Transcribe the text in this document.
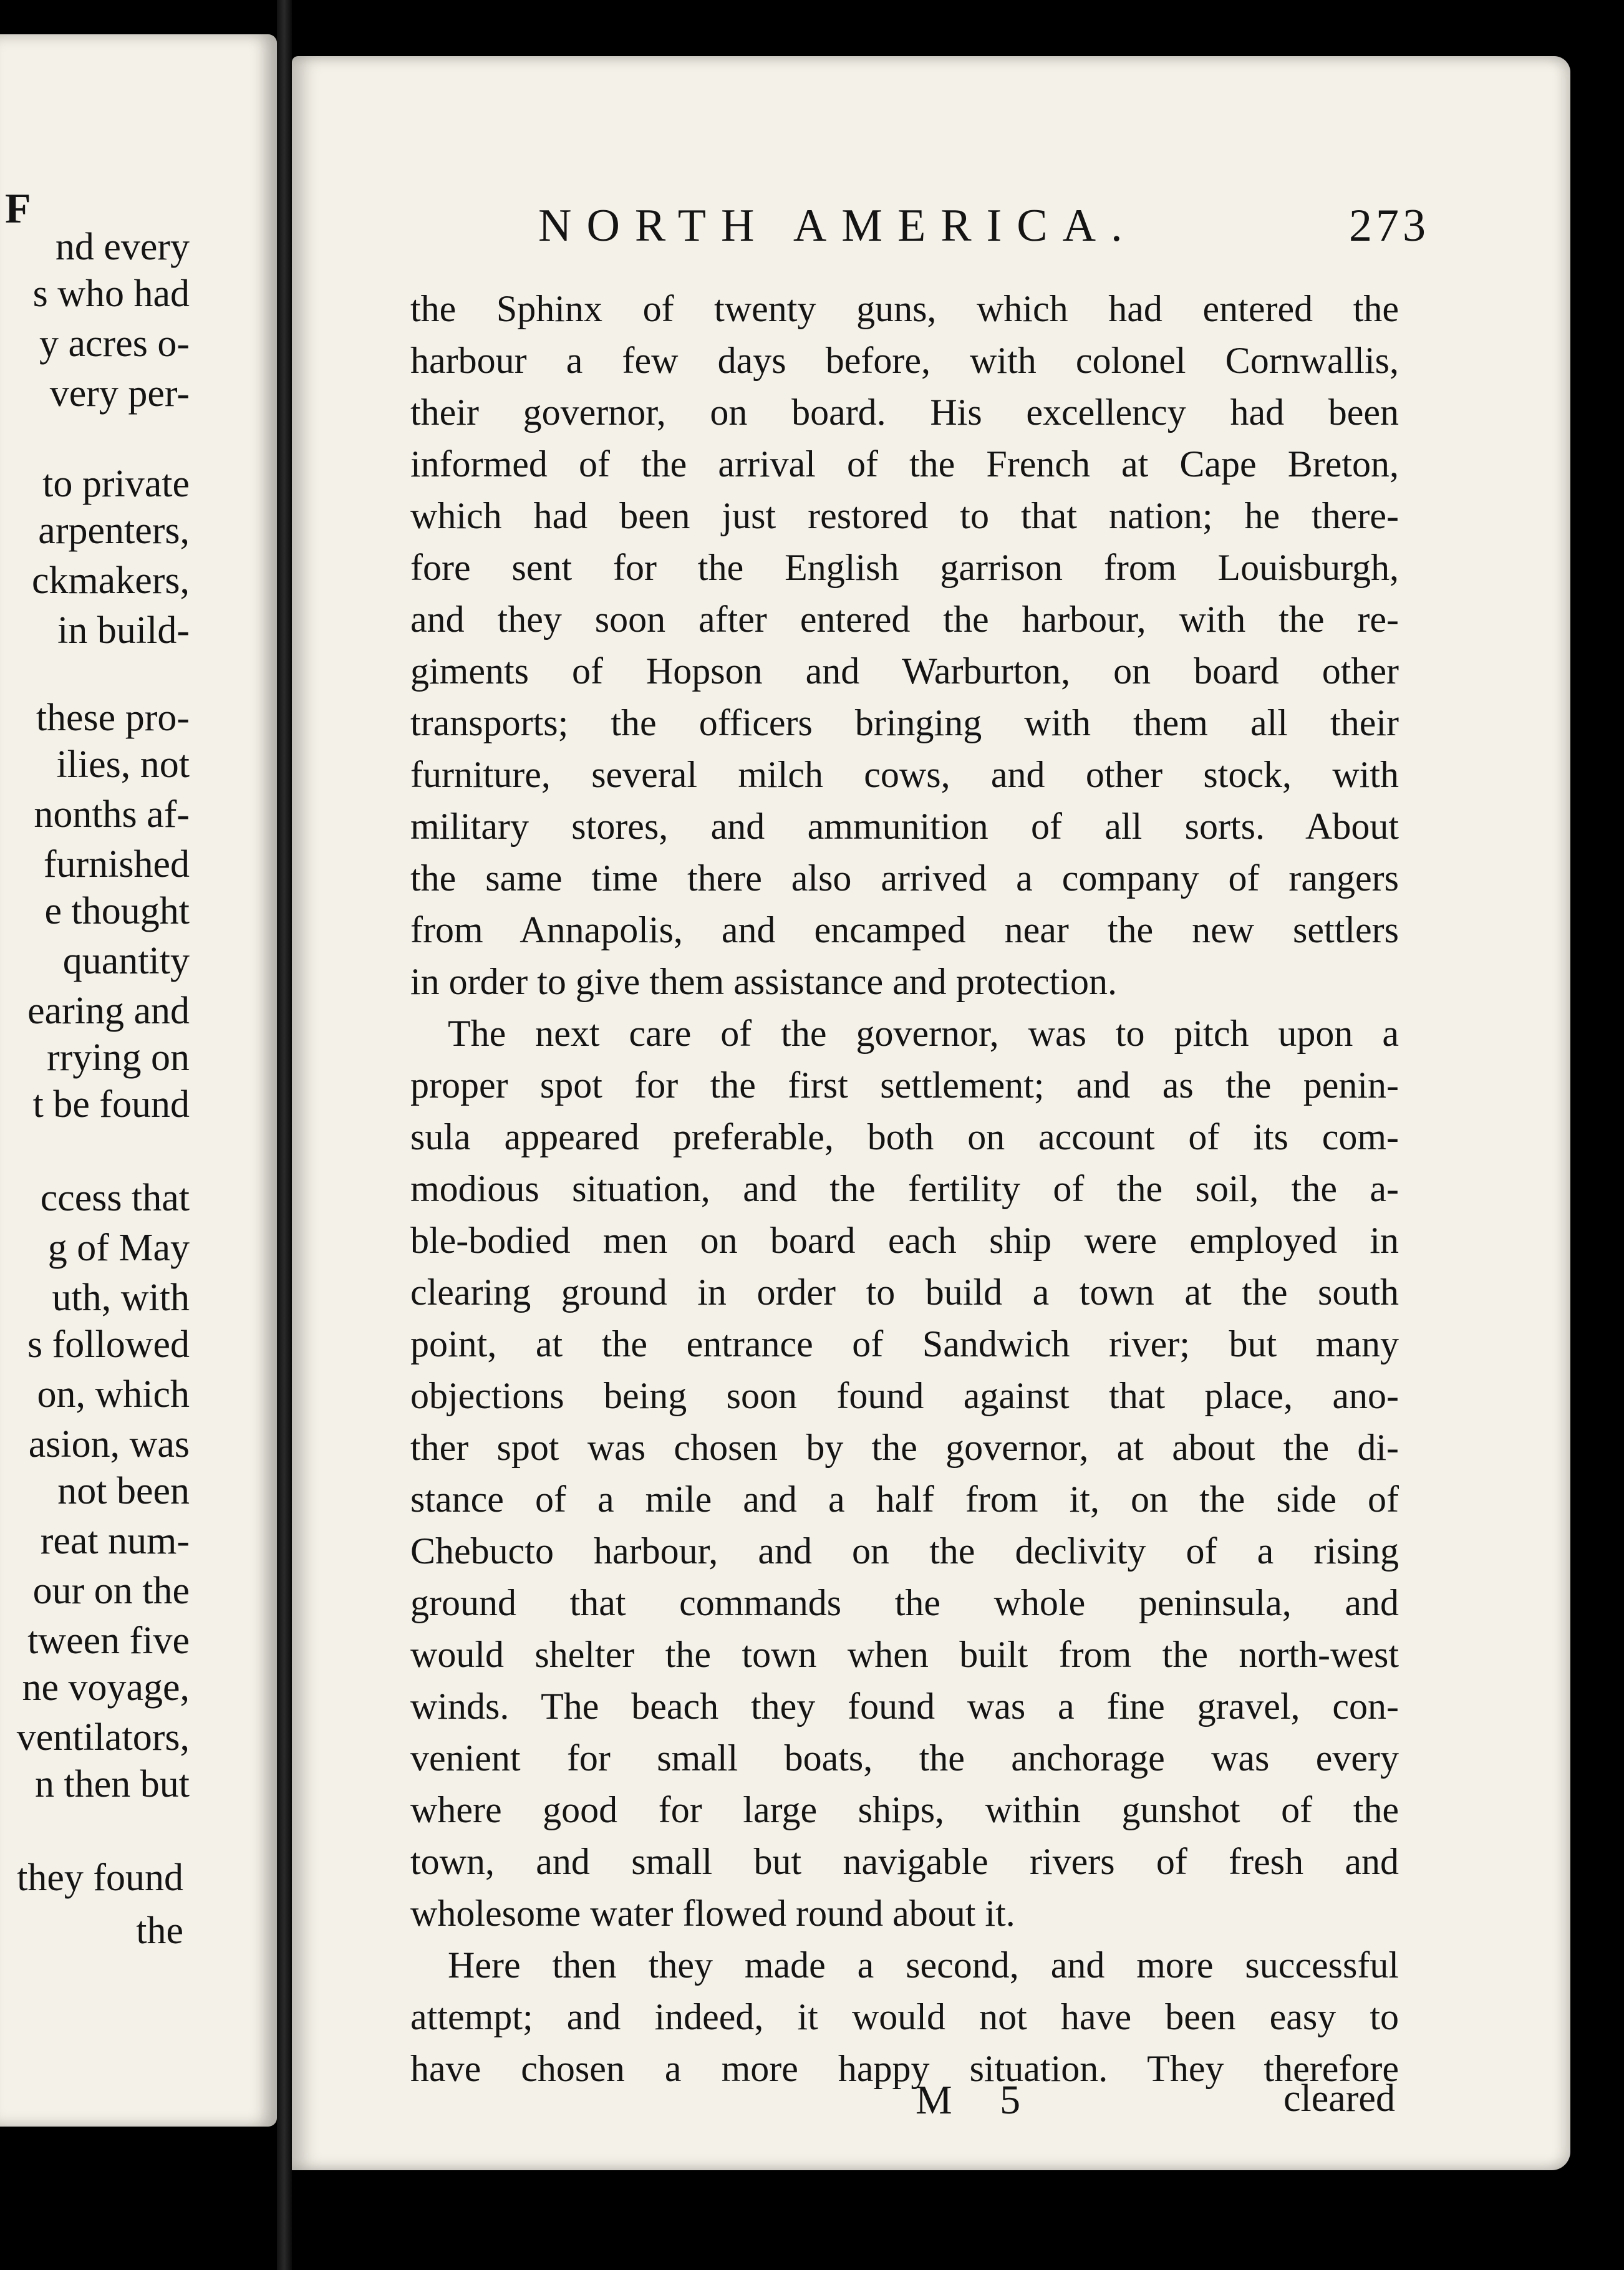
F
nd every
s who had
y acres o-
very per-
to private
arpenters,
ckmakers,
in build-
these pro-
ilies, not
nonths af-
furnished
e thought
quantity
earing and
rrying on
t be found
ccess that
g of May
uth, with
s followed
on, which
asion, was
not been
reat num-
our on the
tween five
ne voyage,
ventilators,
n then but
they found
the
NORTH AMERICA.	273
the Sphinx of twenty guns, which had entered the
harbour a few days before, with colonel Cornwallis,
their governor, on board. His excellency had been
informed of the arrival of the French at Cape Breton,
which had been just restored to that nation; he there-
fore sent for the English garrison from Louisburgh,
and they soon after entered the harbour, with the re-
giments of Hopson and Warburton, on board other
transports; the officers bringing with them all their
furniture, several milch cows, and other stock, with
military stores, and ammunition of all sorts. About
the same time there also arrived a company of rangers
from Annapolis, and encamped near the new settlers
in order to give them assistance and protection.
The next care of the governor, was to pitch upon a
proper spot for the first settlement; and as the penin-
sula appeared preferable, both on account of its com-
modious situation, and the fertility of the soil, the a-
ble-bodied men on board each ship were employed in
clearing ground in order to build a town at the south
point, at the entrance of Sandwich river; but many
objections being soon found against that place, ano-
ther spot was chosen by the governor, at about the di-
stance of a mile and a half from it, on the side of
Chebucto harbour, and on the declivity of a rising
ground that commands the whole peninsula, and
would shelter the town when built from the north-west
winds. The beach they found was a fine gravel, con-
venient for small boats, the anchorage was every
where good for large ships, within gunshot of the
town, and small but navigable rivers of fresh and
wholesome water flowed round about it.
Here then they made a second, and more successful
attempt; and indeed, it would not have been easy to
have chosen a more happy situation. They therefore
M 5	cleared
